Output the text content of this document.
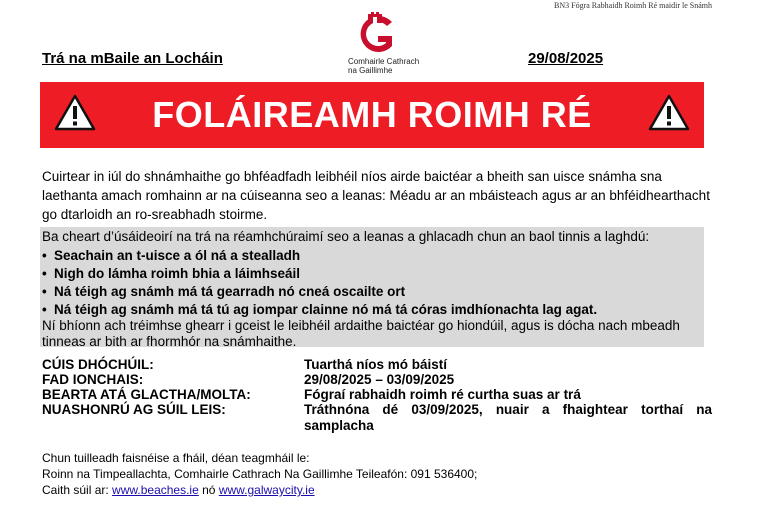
BN3 Fógra Rabhaidh Roimh Ré maidir le Snámh
Comhairle Cathrach
na Gaillimhe
Trá na mBaile an Locháin	29/08/2025
FOLÁIREAMH ROIMH RÉ
Cuirtear in iúl do shnámhaithe go bhféadfadh leibhéil níos airde baictéar a bheith san uisce snámha sna laethanta amach romhainn ar na cúiseanna seo a leanas: Méadu ar an mbáisteach agus ar an bhféidhearthacht go dtarloidh an ro-sreabhadh stoirme.
Ba cheart d’úsáideoirí na trá na réamhchúraimí seo a leanas a ghlacadh chun an baol tinnis a laghdú:
• Seachain an t-uisce a ól ná a stealladh
• Nigh do lámha roimh bhia a láimhseáil
• Ná téigh ag snámh má tá gearradh nó cneá oscailte ort
• Ná téigh ag snámh má tá tú ag iompar clainne nó má tá córas imdhíonachta lag agat.
Ní bhíonn ach tréimhse ghearr i gceist le leibhéil ardaithe baictéar go hiondúil, agus is dócha nach mbeadh tinneas ar bith ar fhormhór na snámhaithe.
CÚIS DHÓCHÚIL:	Tuarthá níos mó báistí
FAD IONCHAIS:	29/08/2025 – 03/09/2025
BEARTA ATÁ GLACTHA/MOLTA:	Fógraí rabhaidh roimh ré curtha suas ar trá
NUASHONRÚ AG SÚIL LEIS:	Tráthnóna dé 03/09/2025, nuair a fhaightear torthaí na samplacha
Chun tuilleadh faisnéise a fháil, déan teagmháil le:
Roinn na Timpeallachta, Comhairle Cathrach Na Gaillimhe Teileafón: 091 536400;
Caith súil ar: www.beaches.ie nó www.galwaycity.ie
